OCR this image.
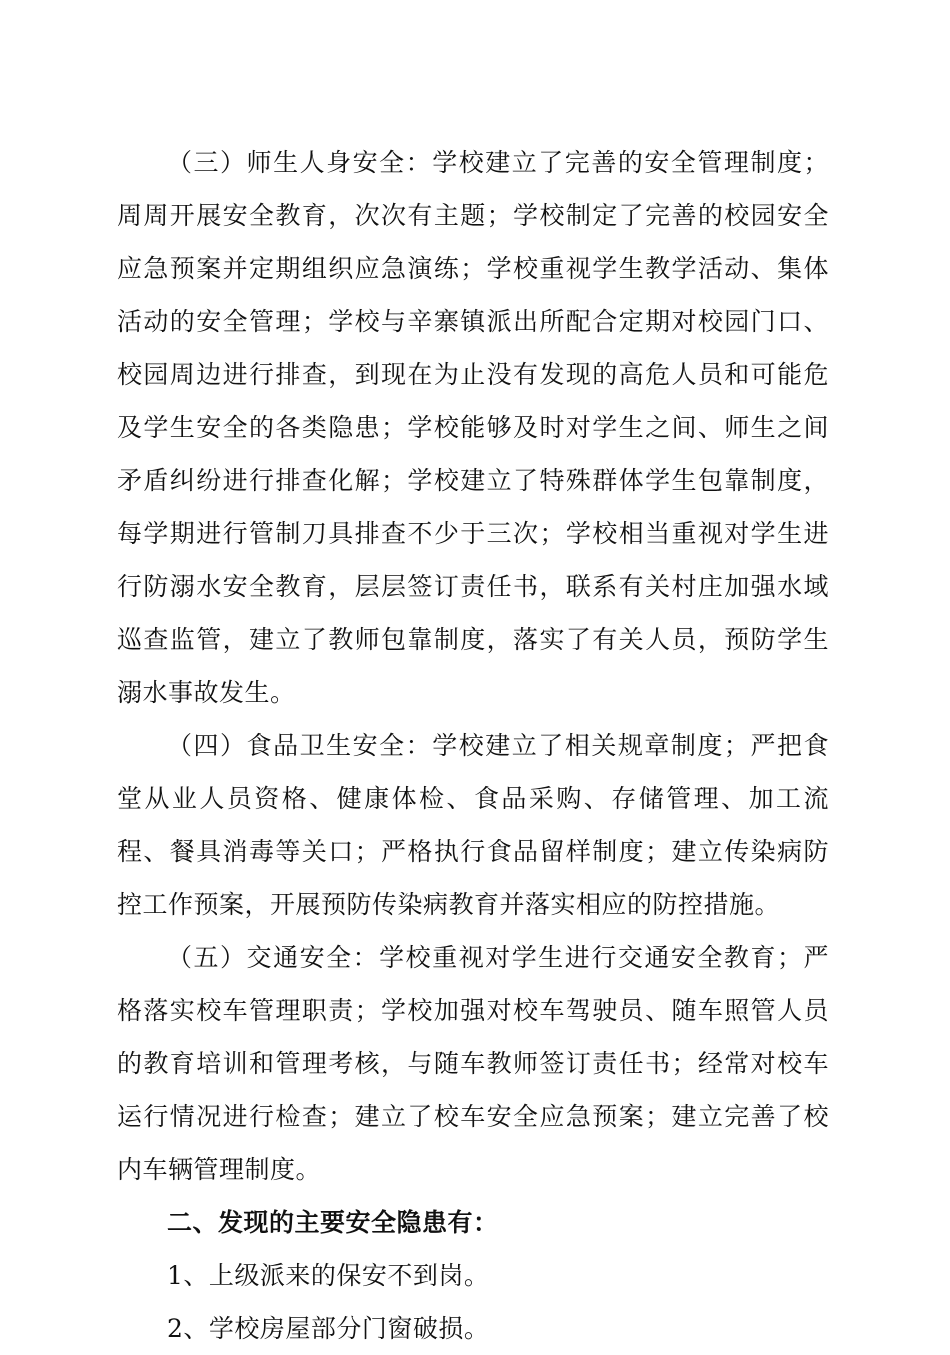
（三）师生人身安全：学校建立了完善的安全管理制度；周周开展安全教育，次次有主题；学校制定了完善的校园安全应急预案并定期组织应急演练；学校重视学生教学活动、集体活动的安全管理；学校与辛寨镇派出所配合定期对校园门口、校园周边进行排查，到现在为止没有发现的高危人员和可能危及学生安全的各类隐患；学校能够及时对学生之间、师生之间矛盾纠纷进行排查化解；学校建立了特殊群体学生包靠制度，每学期进行管制刀具排查不少于三次；学校相当重视对学生进行防溺水安全教育，层层签订责任书，联系有关村庄加强水域巡查监管，建立了教师包靠制度，落实了有关人员，预防学生溺水事故发生。

（四）食品卫生安全：学校建立了相关规章制度；严把食堂从业人员资格、健康体检、食品采购、存储管理、加工流程、餐具消毒等关口；严格执行食品留样制度；建立传染病防控工作预案，开展预防传染病教育并落实相应的防控措施。

（五）交通安全：学校重视对学生进行交通安全教育；严格落实校车管理职责；学校加强对校车驾驶员、随车照管人员的教育培训和管理考核，与随车教师签订责任书；经常对校车运行情况进行检查；建立了校车安全应急预案；建立完善了校内车辆管理制度。

二、发现的主要安全隐患有：

1、上级派来的保安不到岗。

2、学校房屋部分门窗破损。
